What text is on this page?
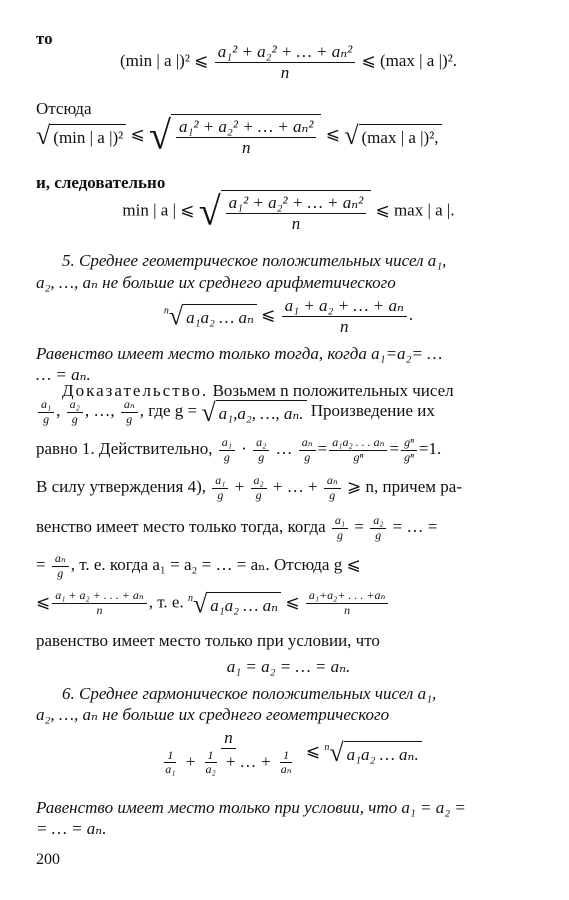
то
(min | a |)² ⩽ $\frac{\text{a₁² + a₂² + … + aₙ²}}{n}$ ⩽ (max | a |)².
Отсюда
√ (min | a |)² ⩽ √ $\frac{\text{a₁² + a₂² + … + aₙ²}}{n}$ ⩽ √ (max | a |)²,
и, следовательно
min | a | ⩽ √ $\frac{\text{a₁² + a₂² + … + aₙ²}}{n}$ ⩽ max | a |.
5. Среднее геометрическое положительных чисел a₁,
a₂, …, aₙ не больше их среднего арифметического
$^n$√ a₁a₂ … aₙ ⩽ $\frac{\text{a₁ + a₂ + … + aₙ}}{n}$ .
Равенство имеет место только тогда, когда a₁=a₂= …
… = aₙ.
Доказательство. Возьмем n положительных чисел
$\frac{\text{a₁}}{g}$ , $\frac{\text{a₂}}{g}$ , …, $\frac{\text{aₙ}}{g}$ , где g = √ a₁,a₂, …, aₙ. Произведение их
равно 1. Действительно, $\frac{\text{a₁}}{g} \cdot \frac{\text{a₂}}{g}$ … $\frac{\text{aₙ}}{g} = \frac{\text{a₁a₂ . . . aₙ}}{\text{gⁿ}} = \frac{\text{gⁿ}}{\text{gⁿ}} =1$.
В силу утверждения 4), $\frac{\text{a₁}}{g} + \frac{\text{a₂}}{g}$ + … + $\frac{\text{aₙ}}{g}$ ⩾ n, причем ра-
венство имеет место только тогда, когда $\frac{\text{a₁}}{g} = \frac{\text{a₂}}{g}$ = … =
= $\frac{\text{aₙ}}{g}$ , т. е. когда a₁ = a₂ = … = aₙ. Отсюда g ⩽
⩽ $\frac{\text{a₁ + a₂ + . . . + aₙ}}{n}$ , т. е. $^n$√ a₁a₂ … aₙ ⩽ $\frac{\text{a₁+a₂+ . . . +aₙ}}{n}$
равенство имеет место только при условии, что
a₁ = a₂ = … = aₙ.
6. Среднее гармоническое положительных чисел a₁,
a₂, …, aₙ не больше их среднего геометрического
$\frac{n}{\frac{1}{\text{a₁}} + \frac{1}{\text{a₂}} + \dots + \frac{1}{\text{aₙ}}}$ ⩽ $^n$√ a₁a₂ … aₙ.
Равенство имеет место только при условии, что a₁ = a₂ =
= … = aₙ.
200
